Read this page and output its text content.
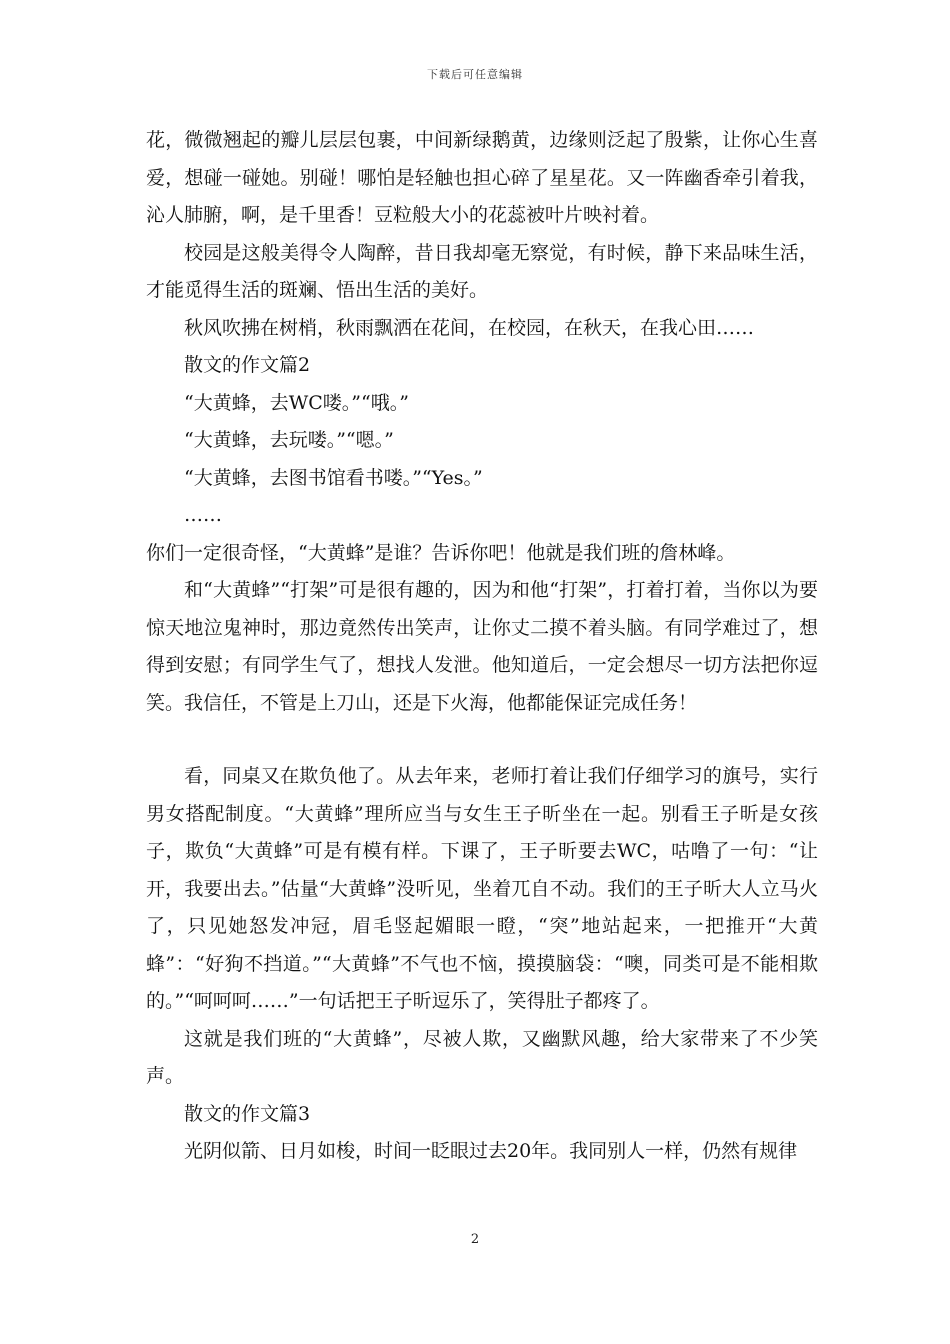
下载后可任意编辑

花，微微翘起的瓣儿层层包裹，中间新绿鹅黄，边缘则泛起了殷紫，让你心生喜爱，想碰一碰她。别碰！哪怕是轻触也担心碎了星星花。又一阵幽香牵引着我，沁人肺腑，啊，是千里香！豆粒般大小的花蕊被叶片映衬着。

校园是这般美得令人陶醉，昔日我却毫无察觉，有时候，静下来品味生活，才能觅得生活的斑斓、悟出生活的美好。

秋风吹拂在树梢，秋雨飘洒在花间，在校园，在秋天，在我心田……

散文的作文篇2

“大黄蜂，去WC喽。”“哦。”

“大黄蜂，去玩喽。”“嗯。”

“大黄蜂，去图书馆看书喽。”“Yes。”

……

你们一定很奇怪，“大黄蜂”是谁？告诉你吧！他就是我们班的詹林峰。

和“大黄蜂”“打架”可是很有趣的，因为和他“打架”，打着打着，当你以为要惊天地泣鬼神时，那边竟然传出笑声，让你丈二摸不着头脑。有同学难过了，想得到安慰；有同学生气了，想找人发泄。他知道后，一定会想尽一切方法把你逗笑。我信任，不管是上刀山，还是下火海，他都能保证完成任务！

看，同桌又在欺负他了。从去年来，老师打着让我们仔细学习的旗号，实行男女搭配制度。“大黄蜂”理所应当与女生王子昕坐在一起。别看王子昕是女孩子，欺负“大黄蜂”可是有模有样。下课了，王子昕要去WC，咕噜了一句：“让开，我要出去。”估量“大黄蜂”没听见，坐着兀自不动。我们的王子昕大人立马火了，只见她怒发冲冠，眉毛竖起媚眼一瞪，“突”地站起来，一把推开“大黄蜂”：“好狗不挡道。”“大黄蜂”不气也不恼，摸摸脑袋：“噢，同类可是不能相欺的。”“呵呵呵……”一句话把王子昕逗乐了，笑得肚子都疼了。

这就是我们班的“大黄蜂”，尽被人欺，又幽默风趣，给大家带来了不少笑声。

散文的作文篇3

光阴似箭、日月如梭，时间一眨眼过去20年。我同别人一样，仍然有规律

2
